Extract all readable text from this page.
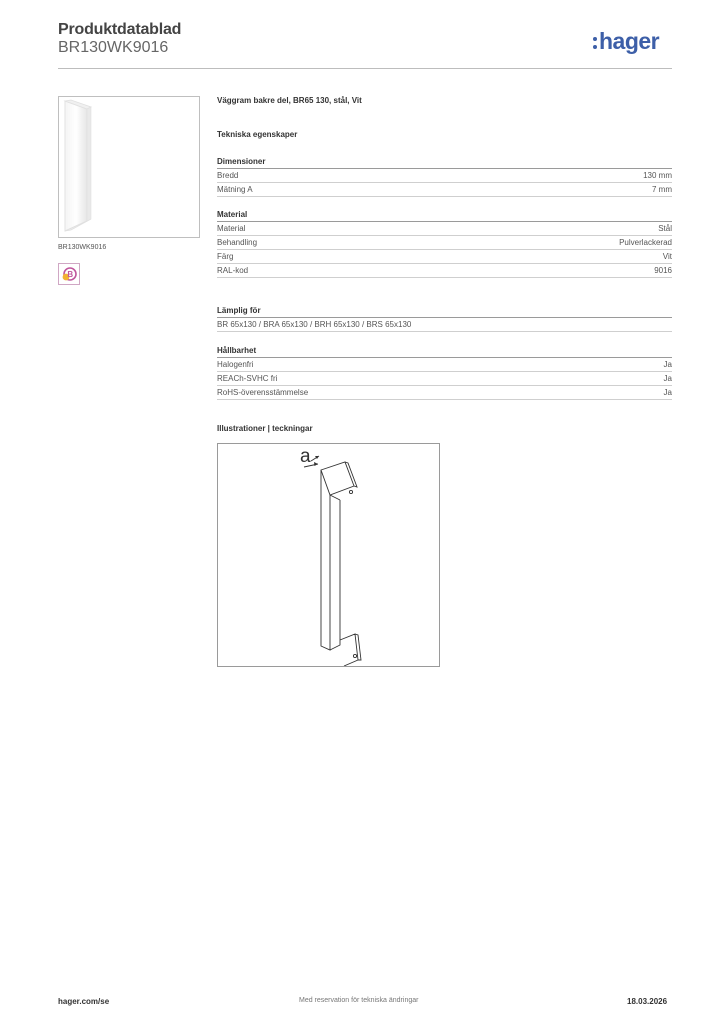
Produktdatablad
BR130WK9016	hager
BR130WK9016
B
Väggram bakre del, BR65 130, stål, Vit
Tekniska egenskaper
Dimensioner
Bredd	130 mm
Mätning A	7 mm
Material
Material	Stål
Behandling	Pulverlackerad
Färg	Vit
RAL-kod	9016
Lämplig för
BR 65x130 / BRA 65x130 / BRH 65x130 / BRS 65x130
Hållbarhet
Halogenfri	Ja
REACh-SVHC fri	Ja
RoHS-överensstämmelse	Ja
Illustrationer | teckningar
a
hager.com/se	Med reservation för tekniska ändringar	18.03.2026
